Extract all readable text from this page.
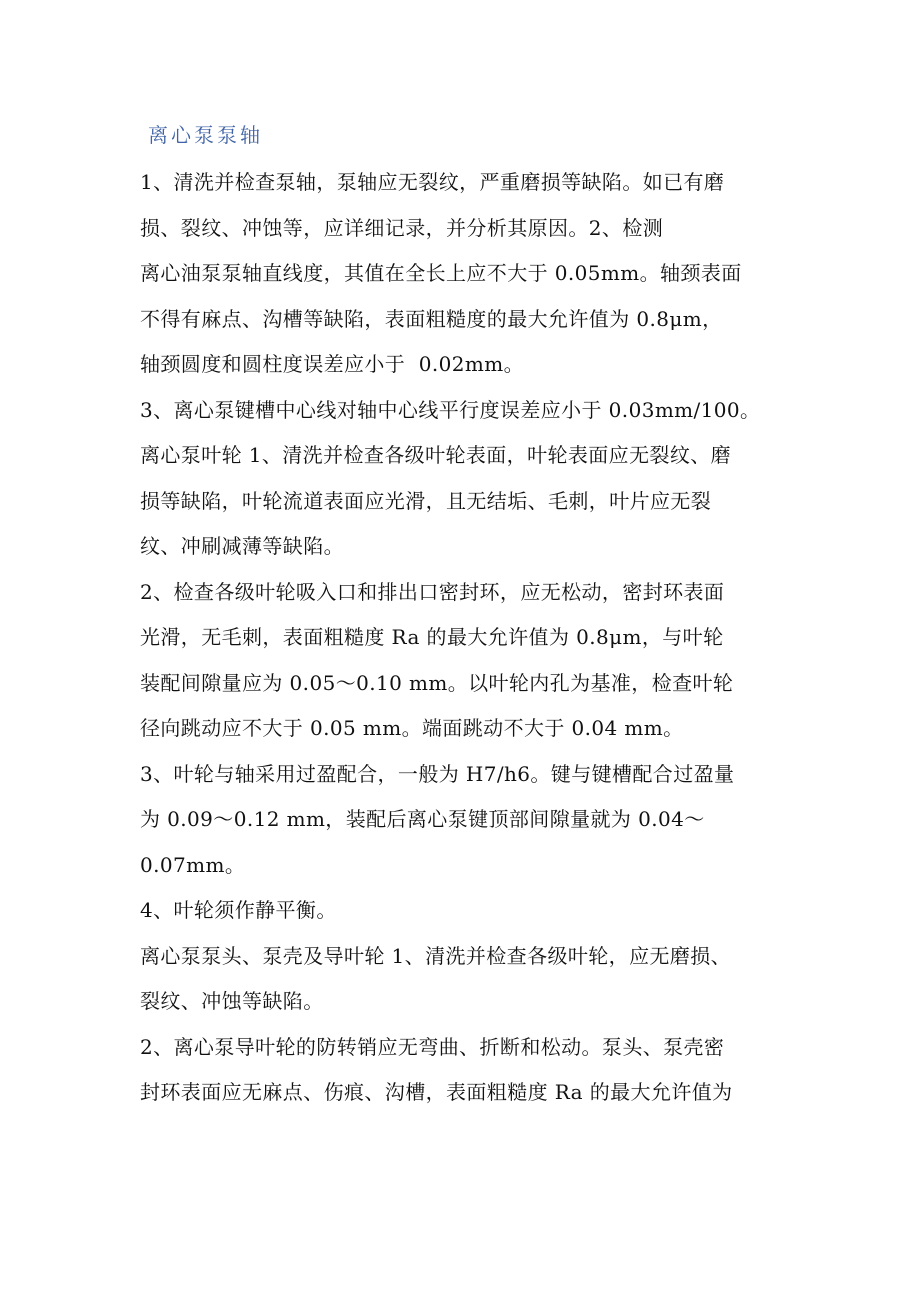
离心泵泵轴

1、清洗并检查泵轴，泵轴应无裂纹，严重磨损等缺陷。如已有磨
损、裂纹、冲蚀等，应详细记录，并分析其原因。2、检测
离心油泵泵轴直线度，其值在全长上应不大于 0.05mm。轴颈表面
不得有麻点、沟槽等缺陷，表面粗糙度的最大允许值为 0.8μm，
轴颈圆度和圆柱度误差应小于  0.02mm。

3、离心泵键槽中心线对轴中心线平行度误差应小于 0.03mm/100。
离心泵叶轮 1、清洗并检查各级叶轮表面，叶轮表面应无裂纹、磨
损等缺陷，叶轮流道表面应光滑，且无结垢、毛刺，叶片应无裂
纹、冲刷减薄等缺陷。

2、检查各级叶轮吸入口和排出口密封环，应无松动，密封环表面
光滑，无毛刺，表面粗糙度 Ra 的最大允许值为 0.8μm，与叶轮
装配间隙量应为 0.05～0.10 mm。以叶轮内孔为基准，检查叶轮
径向跳动应不大于 0.05 mm。端面跳动不大于 0.04 mm。

3、叶轮与轴采用过盈配合，一般为 H7/h6。键与键槽配合过盈量
为 0.09～0.12 mm，装配后离心泵键顶部间隙量就为 0.04～
0.07mm。

4、叶轮须作静平衡。

离心泵泵头、泵壳及导叶轮 1、清洗并检查各级叶轮，应无磨损、
裂纹、冲蚀等缺陷。

2、离心泵导叶轮的防转销应无弯曲、折断和松动。泵头、泵壳密
封环表面应无麻点、伤痕、沟槽，表面粗糙度 Ra 的最大允许值为
